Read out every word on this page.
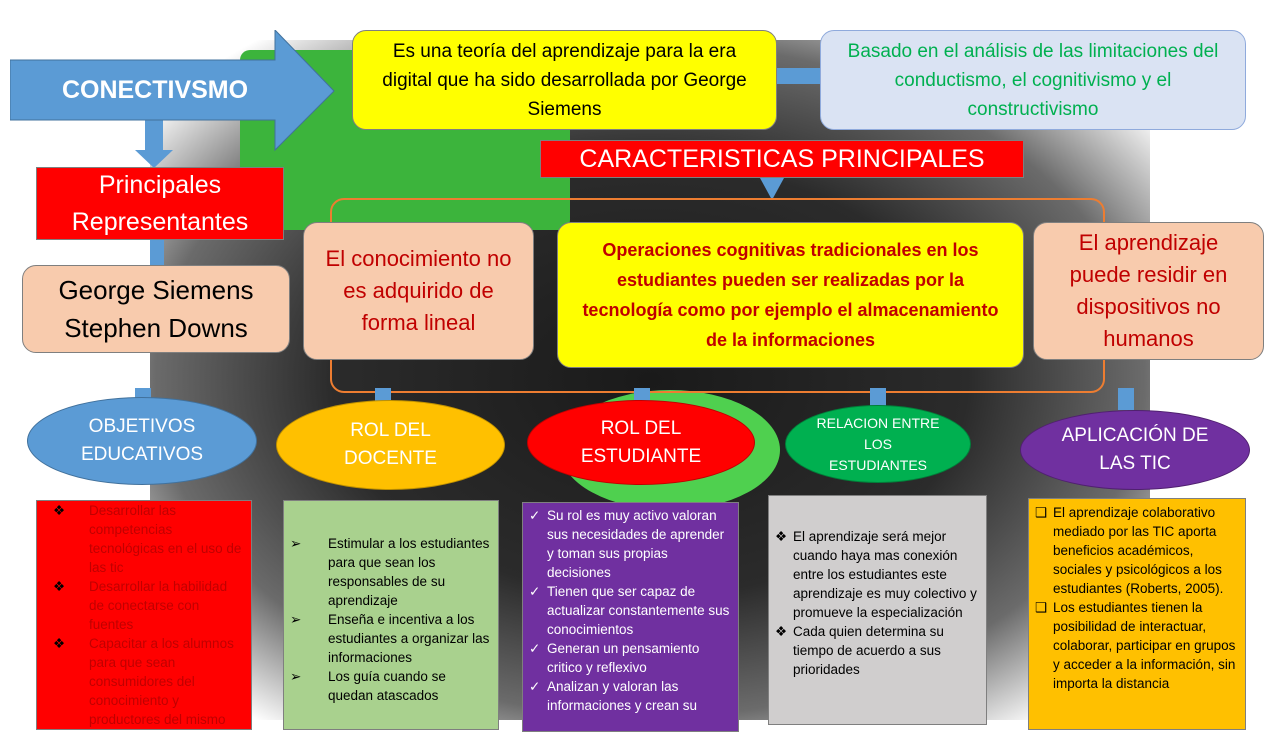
CONECTIVSMO
Es una teoría del aprendizaje para la era digital que ha sido desarrollada por George Siemens
Basado en el análisis de las limitaciones del conductismo, el cognitivismo y el constructivismo
CARACTERISTICAS PRINCIPALES
Principales Representantes
George Siemens
Stephen Downs
El conocimiento no es adquirido de forma lineal
Operaciones cognitivas tradicionales en los estudiantes pueden ser realizadas por la tecnología como por ejemplo el almacenamiento de la informaciones
El aprendizaje puede residir en dispositivos no humanos
OBJETIVOS EDUCATIVOS
ROL DEL DOCENTE
ROL DEL ESTUDIANTE
RELACION ENTRE LOS ESTUDIANTES
APLICACIÓN DE LAS TIC
❖	Desarrollar las competencias tecnológicas en el uso de las tic
❖	Desarrollar la habilidad de conectarse con fuentes
❖	Capacitar a los alumnos para que sean consumidores del conocimiento y productores del mismo
➢	Estimular a los estudiantes para que sean los responsables de su aprendizaje
➢	Enseña e incentiva a los estudiantes a organizar las informaciones
➢	Los guía cuando se quedan atascados
✓ Su rol es muy activo valoran sus necesidades de aprender y toman sus propias decisiones
✓ Tienen que ser capaz de actualizar constantemente sus conocimientos
✓ Generan un pensamiento critico y reflexivo
✓ Analizan y valoran las informaciones y crean su
❖ El aprendizaje será mejor cuando haya mas conexión entre los estudiantes este aprendizaje es muy colectivo y promueve la especialización
❖ Cada quien determina su tiempo de acuerdo a sus prioridades
❑ El aprendizaje colaborativo mediado por las TIC aporta beneficios académicos, sociales y psicológicos a los estudiantes (Roberts, 2005).
❑ Los estudiantes tienen la posibilidad de interactuar, colaborar, participar en grupos y acceder a la información, sin importa la distancia
